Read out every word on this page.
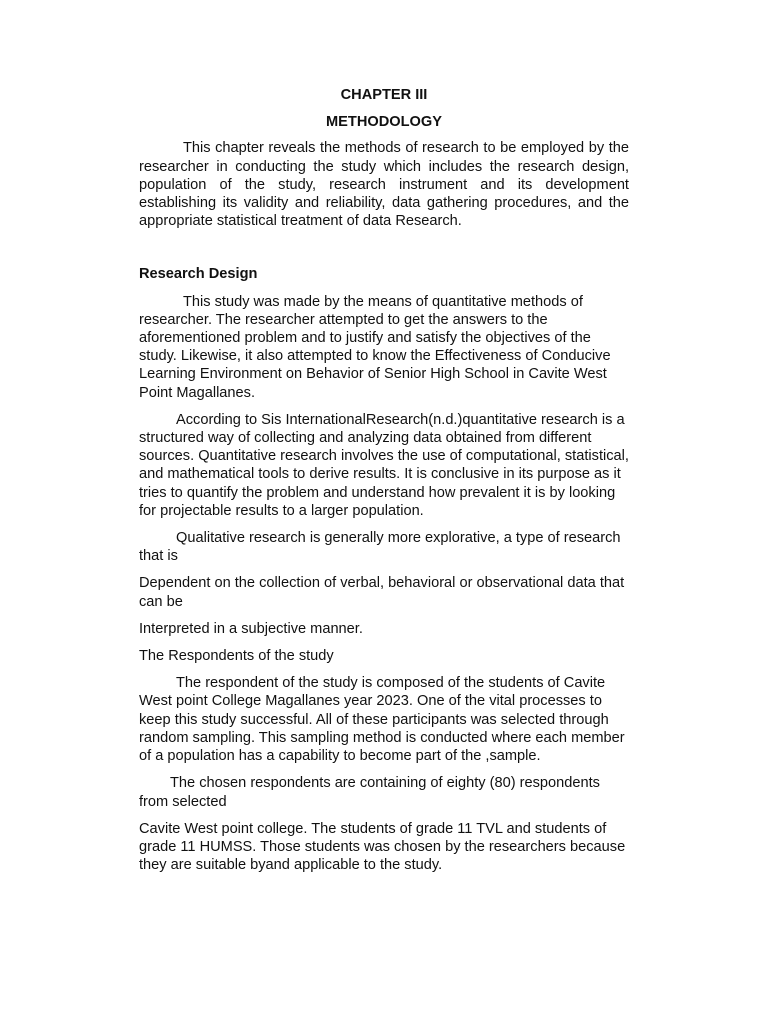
CHAPTER III
METHODOLOGY

This chapter reveals the methods of research to be employed by the researcher in conducting the study which includes the research design, population of the study, research instrument and its development establishing its validity and reliability, data gathering procedures, and the appropriate statistical treatment of data Research.

Research Design

This study was made by the means of quantitative methods of researcher. The researcher attempted to get the answers to the aforementioned problem and to justify and satisfy the objectives of the study. Likewise, it also attempted to know the Effectiveness of Conducive Learning Environment on Behavior of Senior High School in Cavite West Point Magallanes.

According to Sis InternationalResearch(n.d.)quantitative research is a structured way of collecting and analyzing data obtained from different sources. Quantitative research involves the use of computational, statistical, and mathematical tools to derive results. It is conclusive in its purpose as it tries to quantify the problem and understand how prevalent it is by looking for projectable results to a larger population.

Qualitative research is generally more explorative, a type of research that is

Dependent on the collection of verbal, behavioral or observational data that can be

Interpreted in a subjective manner.

The Respondents of the study

The respondent of the study is composed of the students of Cavite West point College Magallanes year 2023. One of the vital processes to keep this study successful. All of these participants was selected through random sampling. This sampling method is conducted where each member of a population has a capability to become part of the ,sample.

The chosen respondents are containing of eighty (80) respondents from selected

Cavite West point college. The students of grade 11 TVL and students of grade 11 HUMSS. Those students was chosen by the researchers because they are suitable byand applicable to the study.
